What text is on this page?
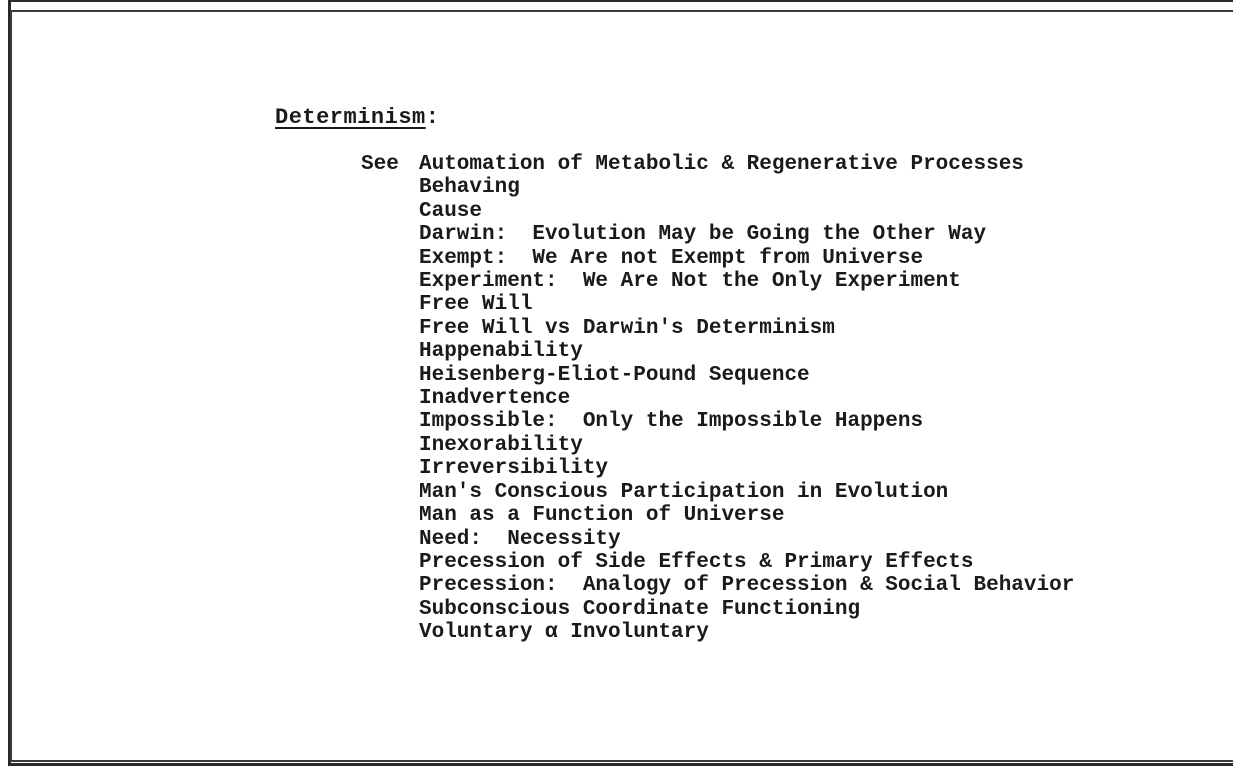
Determinism:
See Automation of Metabolic & Regenerative Processes
Behaving
Cause
Darwin:  Evolution May be Going the Other Way
Exempt:  We Are not Exempt from Universe
Experiment:  We Are Not the Only Experiment
Free Will
Free Will vs Darwin's Determinism
Happenability
Heisenberg-Eliot-Pound Sequence
Inadvertence
Impossible:  Only the Impossible Happens
Inexorability
Irreversibility
Man's Conscious Participation in Evolution
Man as a Function of Universe
Need:  Necessity
Precession of Side Effects & Primary Effects
Precession:  Analogy of Precession & Social Behavior
Subconscious Coordinate Functioning
Voluntary α Involuntary
